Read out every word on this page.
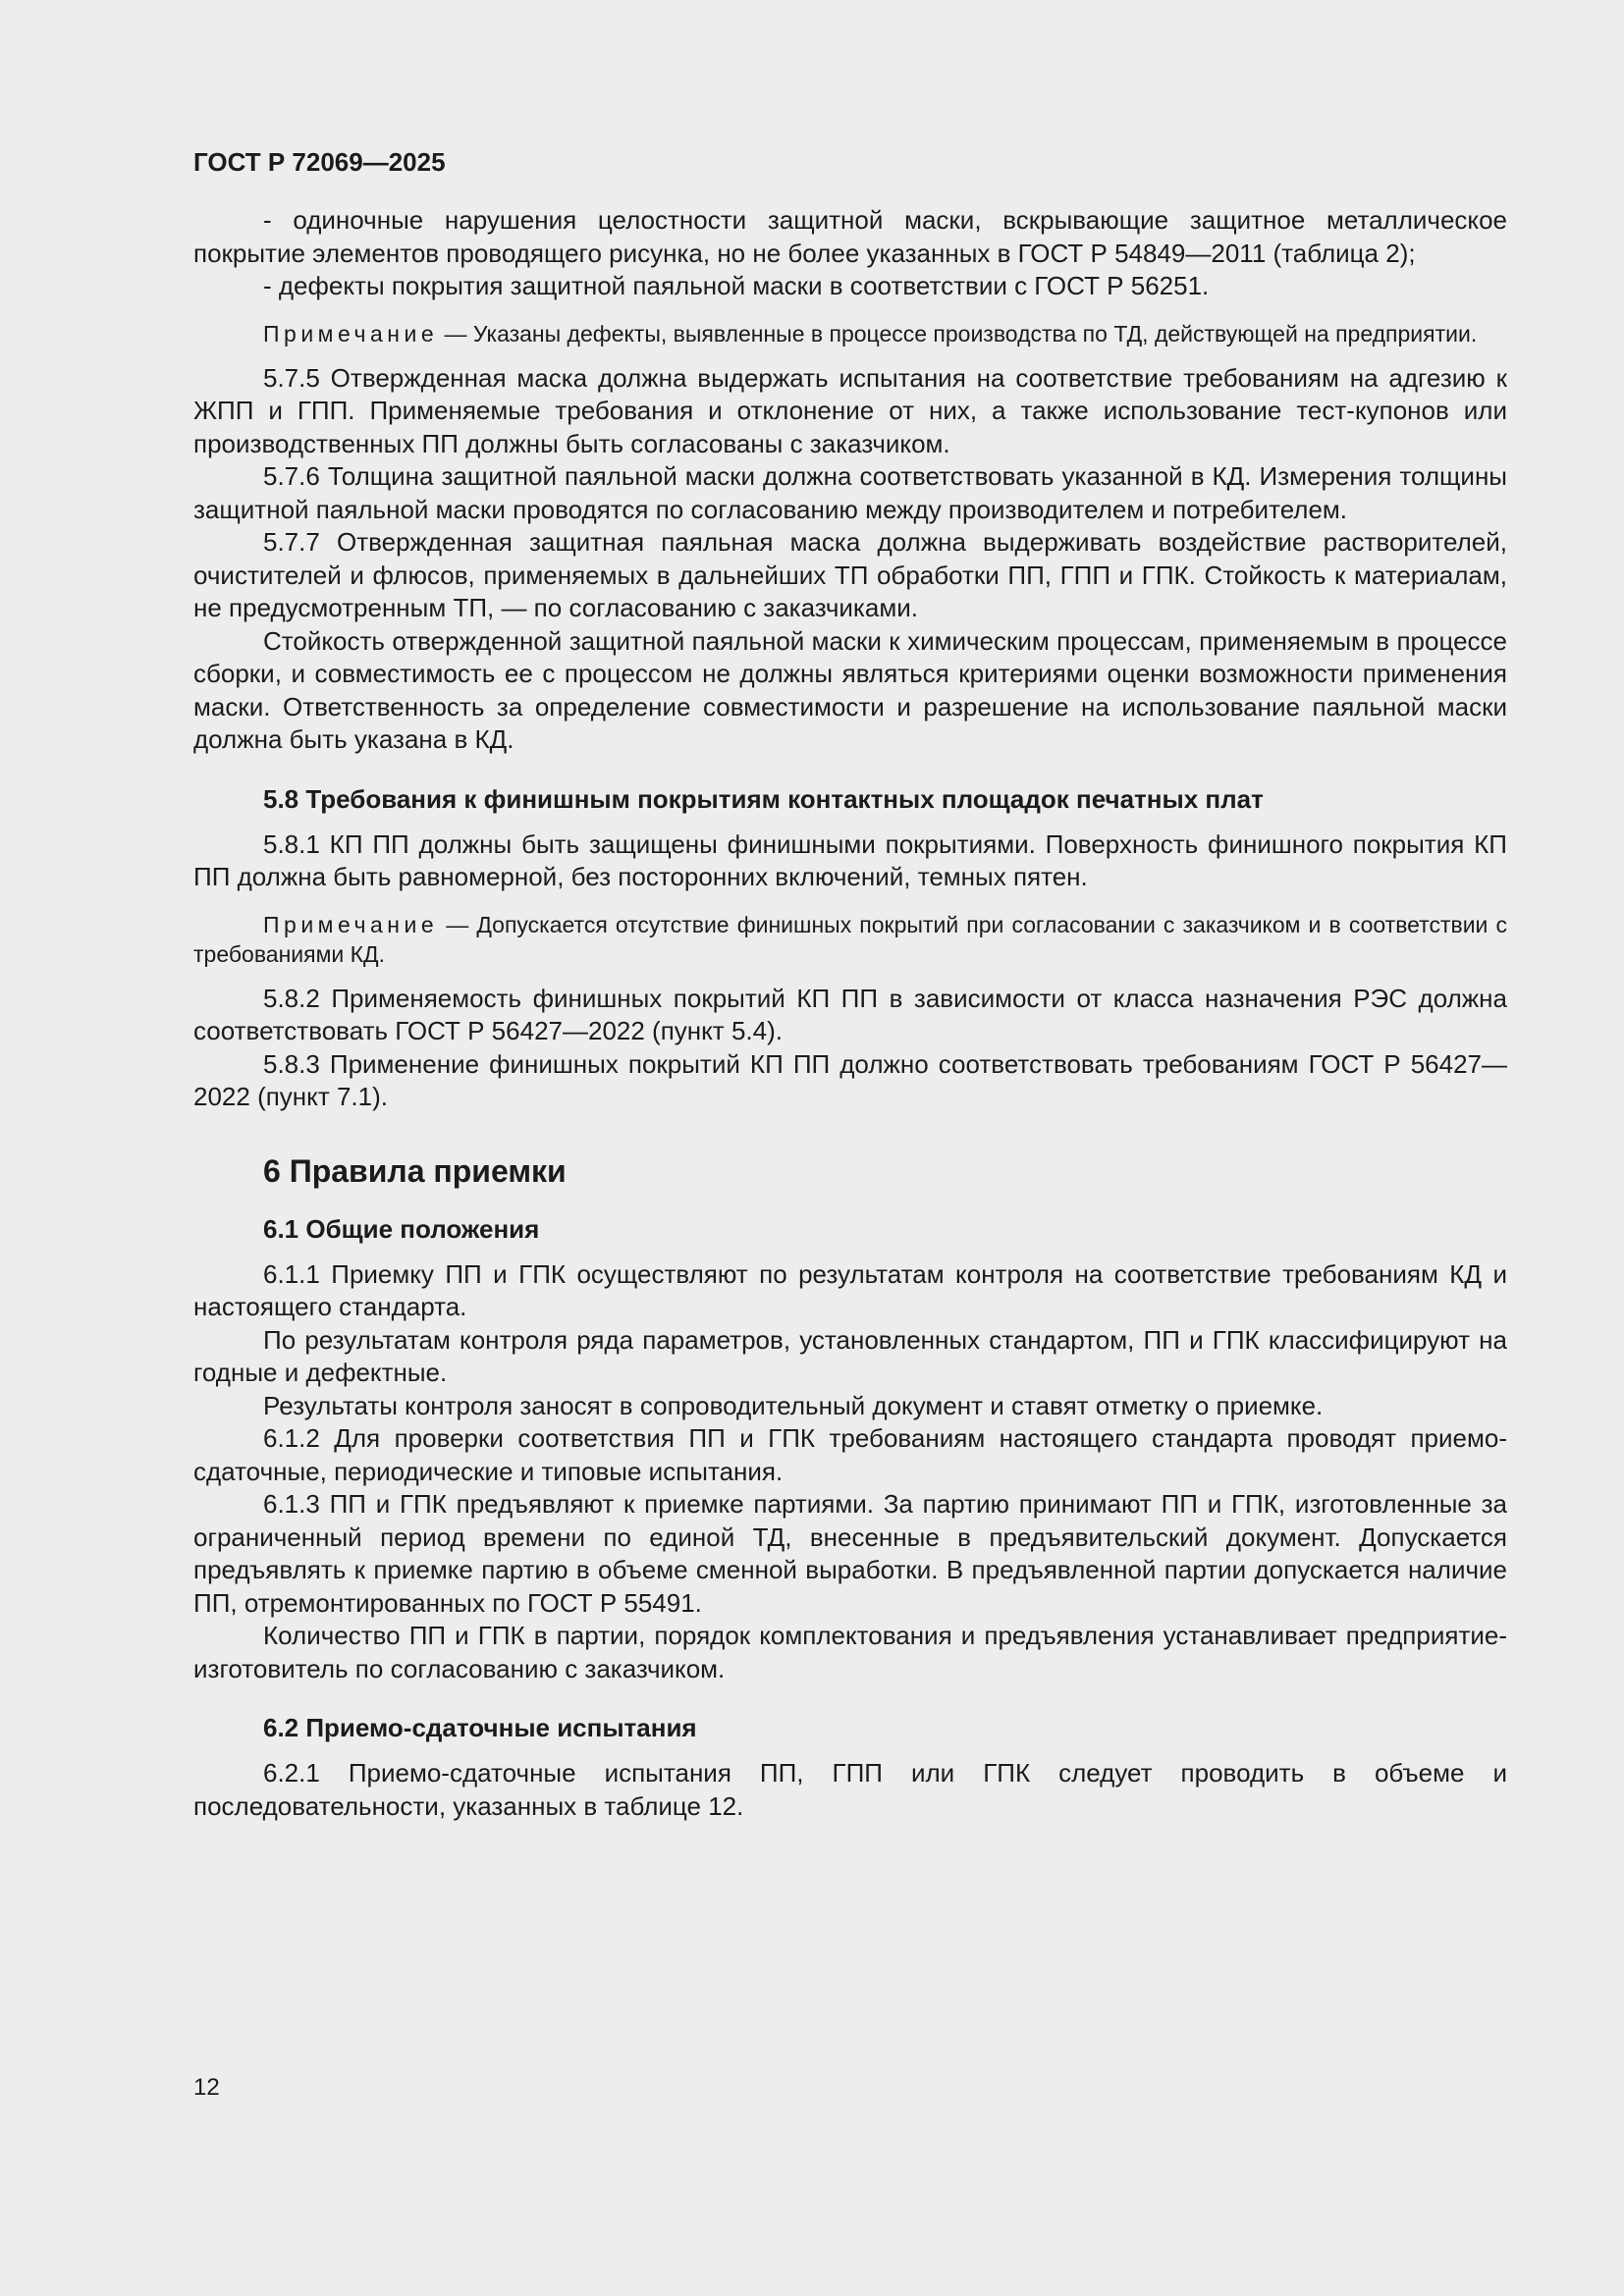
ГОСТ Р 72069—2025

- одиночные нарушения целостности защитной маски, вскрывающие защитное металлическое покрытие элементов проводящего рисунка, но не более указанных в ГОСТ Р 54849—2011 (таблица 2);

- дефекты покрытия защитной паяльной маски в соответствии с ГОСТ Р 56251.

Примечание — Указаны дефекты, выявленные в процессе производства по ТД, действующей на предприятии.

5.7.5 Отвержденная маска должна выдержать испытания на соответствие требованиям на адгезию к ЖПП и ГПП. Применяемые требования и отклонение от них, а также использование тест-купонов или производственных ПП должны быть согласованы с заказчиком.

5.7.6 Толщина защитной паяльной маски должна соответствовать указанной в КД. Измерения толщины защитной паяльной маски проводятся по согласованию между производителем и потребителем.

5.7.7 Отвержденная защитная паяльная маска должна выдерживать воздействие растворителей, очистителей и флюсов, применяемых в дальнейших ТП обработки ПП, ГПП и ГПК. Стойкость к материалам, не предусмотренным ТП, — по согласованию с заказчиками.

Стойкость отвержденной защитной паяльной маски к химическим процессам, применяемым в процессе сборки, и совместимость ее с процессом не должны являться критериями оценки возможности применения маски. Ответственность за определение совместимости и разрешение на использование паяльной маски должна быть указана в КД.

5.8 Требования к финишным покрытиям контактных площадок печатных плат

5.8.1 КП ПП должны быть защищены финишными покрытиями. Поверхность финишного покрытия КП ПП должна быть равномерной, без посторонних включений, темных пятен.

Примечание — Допускается отсутствие финишных покрытий при согласовании с заказчиком и в соответствии с требованиями КД.

5.8.2 Применяемость финишных покрытий КП ПП в зависимости от класса назначения РЭС должна соответствовать ГОСТ Р 56427—2022 (пункт 5.4).

5.8.3 Применение финишных покрытий КП ПП должно соответствовать требованиям ГОСТ Р 56427—2022 (пункт 7.1).

6 Правила приемки
6.1 Общие положения

6.1.1 Приемку ПП и ГПК осуществляют по результатам контроля на соответствие требованиям КД и настоящего стандарта.

По результатам контроля ряда параметров, установленных стандартом, ПП и ГПК классифицируют на годные и дефектные.

Результаты контроля заносят в сопроводительный документ и ставят отметку о приемке.

6.1.2 Для проверки соответствия ПП и ГПК требованиям настоящего стандарта проводят приемо-сдаточные, периодические и типовые испытания.

6.1.3 ПП и ГПК предъявляют к приемке партиями. За партию принимают ПП и ГПК, изготовленные за ограниченный период времени по единой ТД, внесенные в предъявительский документ. Допускается предъявлять к приемке партию в объеме сменной выработки. В предъявленной партии допускается наличие ПП, отремонтированных по ГОСТ Р 55491.

Количество ПП и ГПК в партии, порядок комплектования и предъявления устанавливает предприятие-изготовитель по согласованию с заказчиком.

6.2 Приемо-сдаточные испытания

6.2.1 Приемо-сдаточные испытания ПП, ГПП или ГПК следует проводить в объеме и последовательности, указанных в таблице 12.

12
